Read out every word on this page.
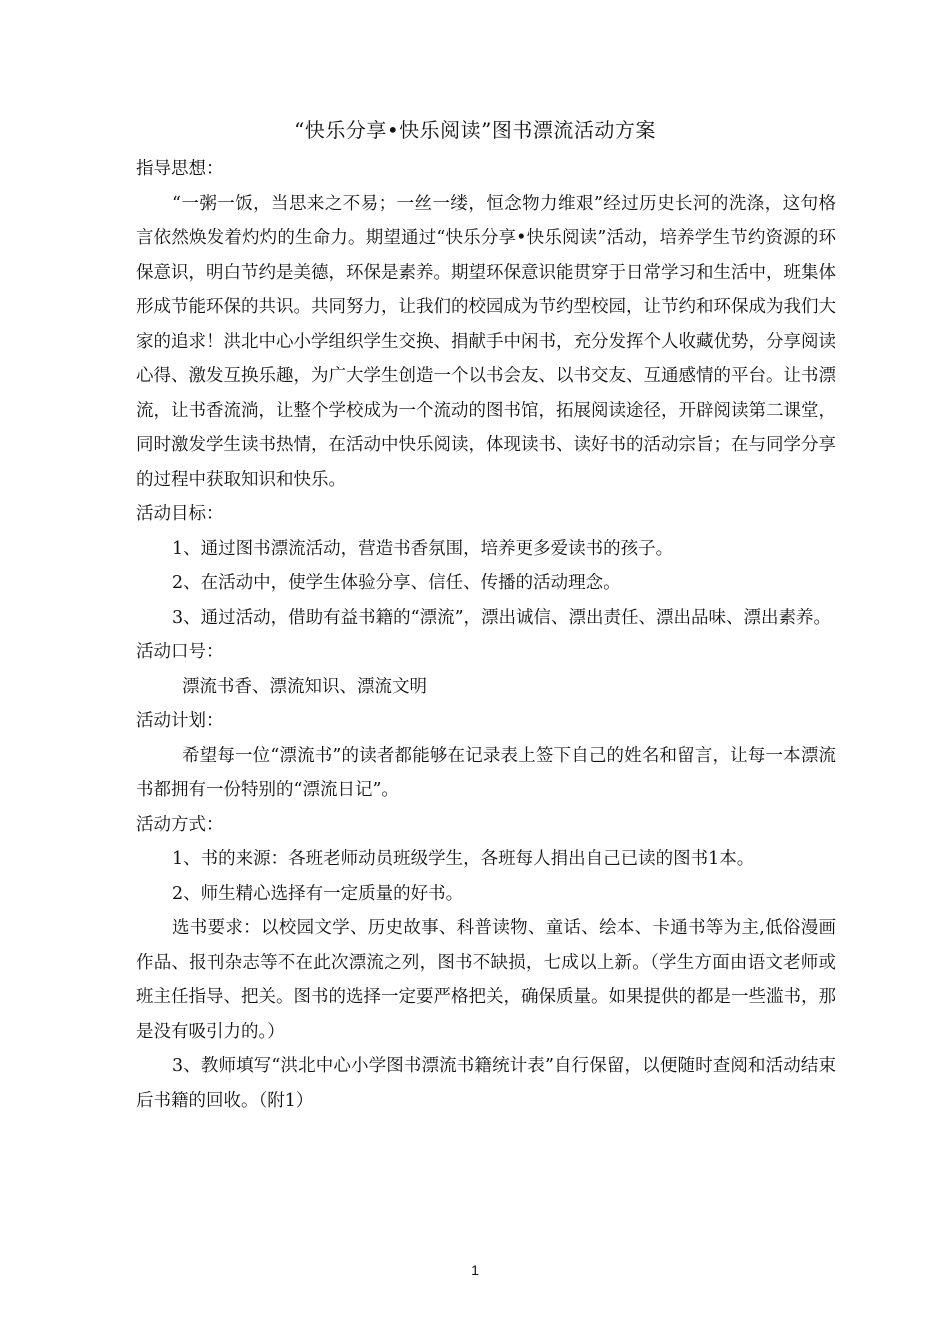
“快乐分享•快乐阅读”图书漂流活动方案

指导思想：

“一粥一饭，当思来之不易；一丝一缕，恒念物力维艰”经过历史长河的洗涤，这句格言依然焕发着灼灼的生命力。期望通过“快乐分享•快乐阅读”活动，培养学生节约资源的环保意识，明白节约是美德，环保是素养。期望环保意识能贯穿于日常学习和生活中，班集体形成节能环保的共识。共同努力，让我们的校园成为节约型校园，让节约和环保成为我们大家的追求！洪北中心小学组织学生交换、捐献手中闲书，充分发挥个人收藏优势，分享阅读心得、激发互换乐趣，为广大学生创造一个以书会友、以书交友、互通感情的平台。让书漂流，让书香流淌，让整个学校成为一个流动的图书馆，拓展阅读途径，开辟阅读第二课堂，同时激发学生读书热情，在活动中快乐阅读，体现读书、读好书的活动宗旨；在与同学分享的过程中获取知识和快乐。

活动目标：

1、通过图书漂流活动，营造书香氛围，培养更多爱读书的孩子。

2、在活动中，使学生体验分享、信任、传播的活动理念。

3、通过活动，借助有益书籍的“漂流”，漂出诚信、漂出责任、漂出品味、漂出素养。

活动口号：

漂流书香、漂流知识、漂流文明

活动计划：

希望每一位“漂流书”的读者都能够在记录表上签下自己的姓名和留言，让每一本漂流书都拥有一份特别的“漂流日记”。

活动方式：

1、书的来源：各班老师动员班级学生，各班每人捐出自己已读的图书1本。

2、师生精心选择有一定质量的好书。

选书要求：以校园文学、历史故事、科普读物、童话、绘本、卡通书等为主,低俗漫画作品、报刊杂志等不在此次漂流之列，图书不缺损，七成以上新。（学生方面由语文老师或班主任指导、把关。图书的选择一定要严格把关，确保质量。如果提供的都是一些滥书，那是没有吸引力的。）

3、教师填写“洪北中心小学图书漂流书籍统计表”自行保留，以便随时查阅和活动结束后书籍的回收。（附1）

1
